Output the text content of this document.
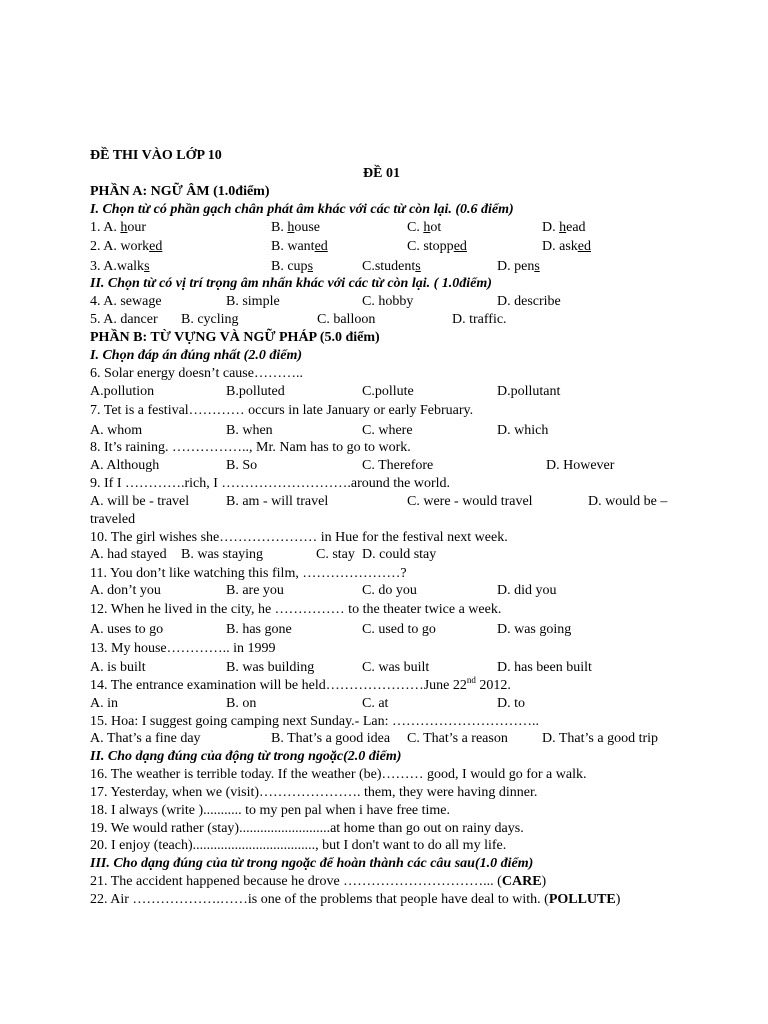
ĐỀ THI VÀO LỚP 10
ĐỀ 01
PHẦN A: NGỮ ÂM (1.0điểm)
I. Chọn từ có phần gạch chân phát âm khác với các từ còn lại. (0.6 điểm)
1. A. hour	B. house	C. hot	D. head
2. A. worked	B. wanted	C. stopped	D. asked
3. A.walks	B. cups	C.students	D. pens
II. Chọn từ có vị trí trọng âm nhấn khác với các từ còn lại. ( 1.0điểm)
4. A. sewage	B. simple	C. hobby	D. describe
5. A. dancer B. cycling	C. balloon	D. traffic.
PHẦN B: TỪ VỰNG VÀ NGỮ PHÁP (5.0 điểm)
I. Chọn đáp án đúng nhất (2.0 điểm)
6. Solar energy doesn’t cause………..
A.pollution	B.polluted	C.pollute	D.pollutant
7. Tet is a festival………… occurs in late January or early February.
A. whom	B. when	C. where	D. which
8. It’s raining. …………….., Mr. Nam has to go to work.
A. Although	B. So	C. Therefore	D. However
9. If I ………….rich, I ……………………….around the world.
A. will be - travel	B. am - will travel	C. were - would travel	D. would be –
traveled
10. The girl wishes she………………… in Hue for the festival next week.
A. had stayed B. was staying	C. stay D. could stay
11. You don’t like watching this film, …………………?
A. don’t you	B. are you	C. do you	D. did you
12. When he lived in the city, he …………… to the theater twice a week.
A. uses to go	B. has gone	C. used to go	D. was going
13. My house………….. in 1999
A. is built	B. was building	C. was built	D. has been built
14. The entrance examination will be held…………………June 22nd 2012.
A. in	B. on	C. at	D. to
15. Hoa: I suggest going camping next Sunday.- Lan: …………………………..
A. That’s a fine day	B. That’s a good idea C. That’s a reason D. That’s a good trip
II. Cho dạng đúng của động từ trong ngoặc(2.0 điểm)
16. The weather is terrible today. If the weather (be)……… good, I would go for a walk.
17. Yesterday, when we (visit)…………………. them, they were having dinner.
18. I always (write )........... to my pen pal when i have free time.
19. We would rather (stay)..........................at home than go out on rainy days.
20. I enjoy (teach)..................................., but I don't want to do all my life.
III. Cho dạng đúng của từ trong ngoặc để hoàn thành các câu sau(1.0 điểm)
21. The accident happened because he drove …………………………... (CARE)
22. Air ……………….……is one of the problems that people have deal to with. (POLLUTE)
